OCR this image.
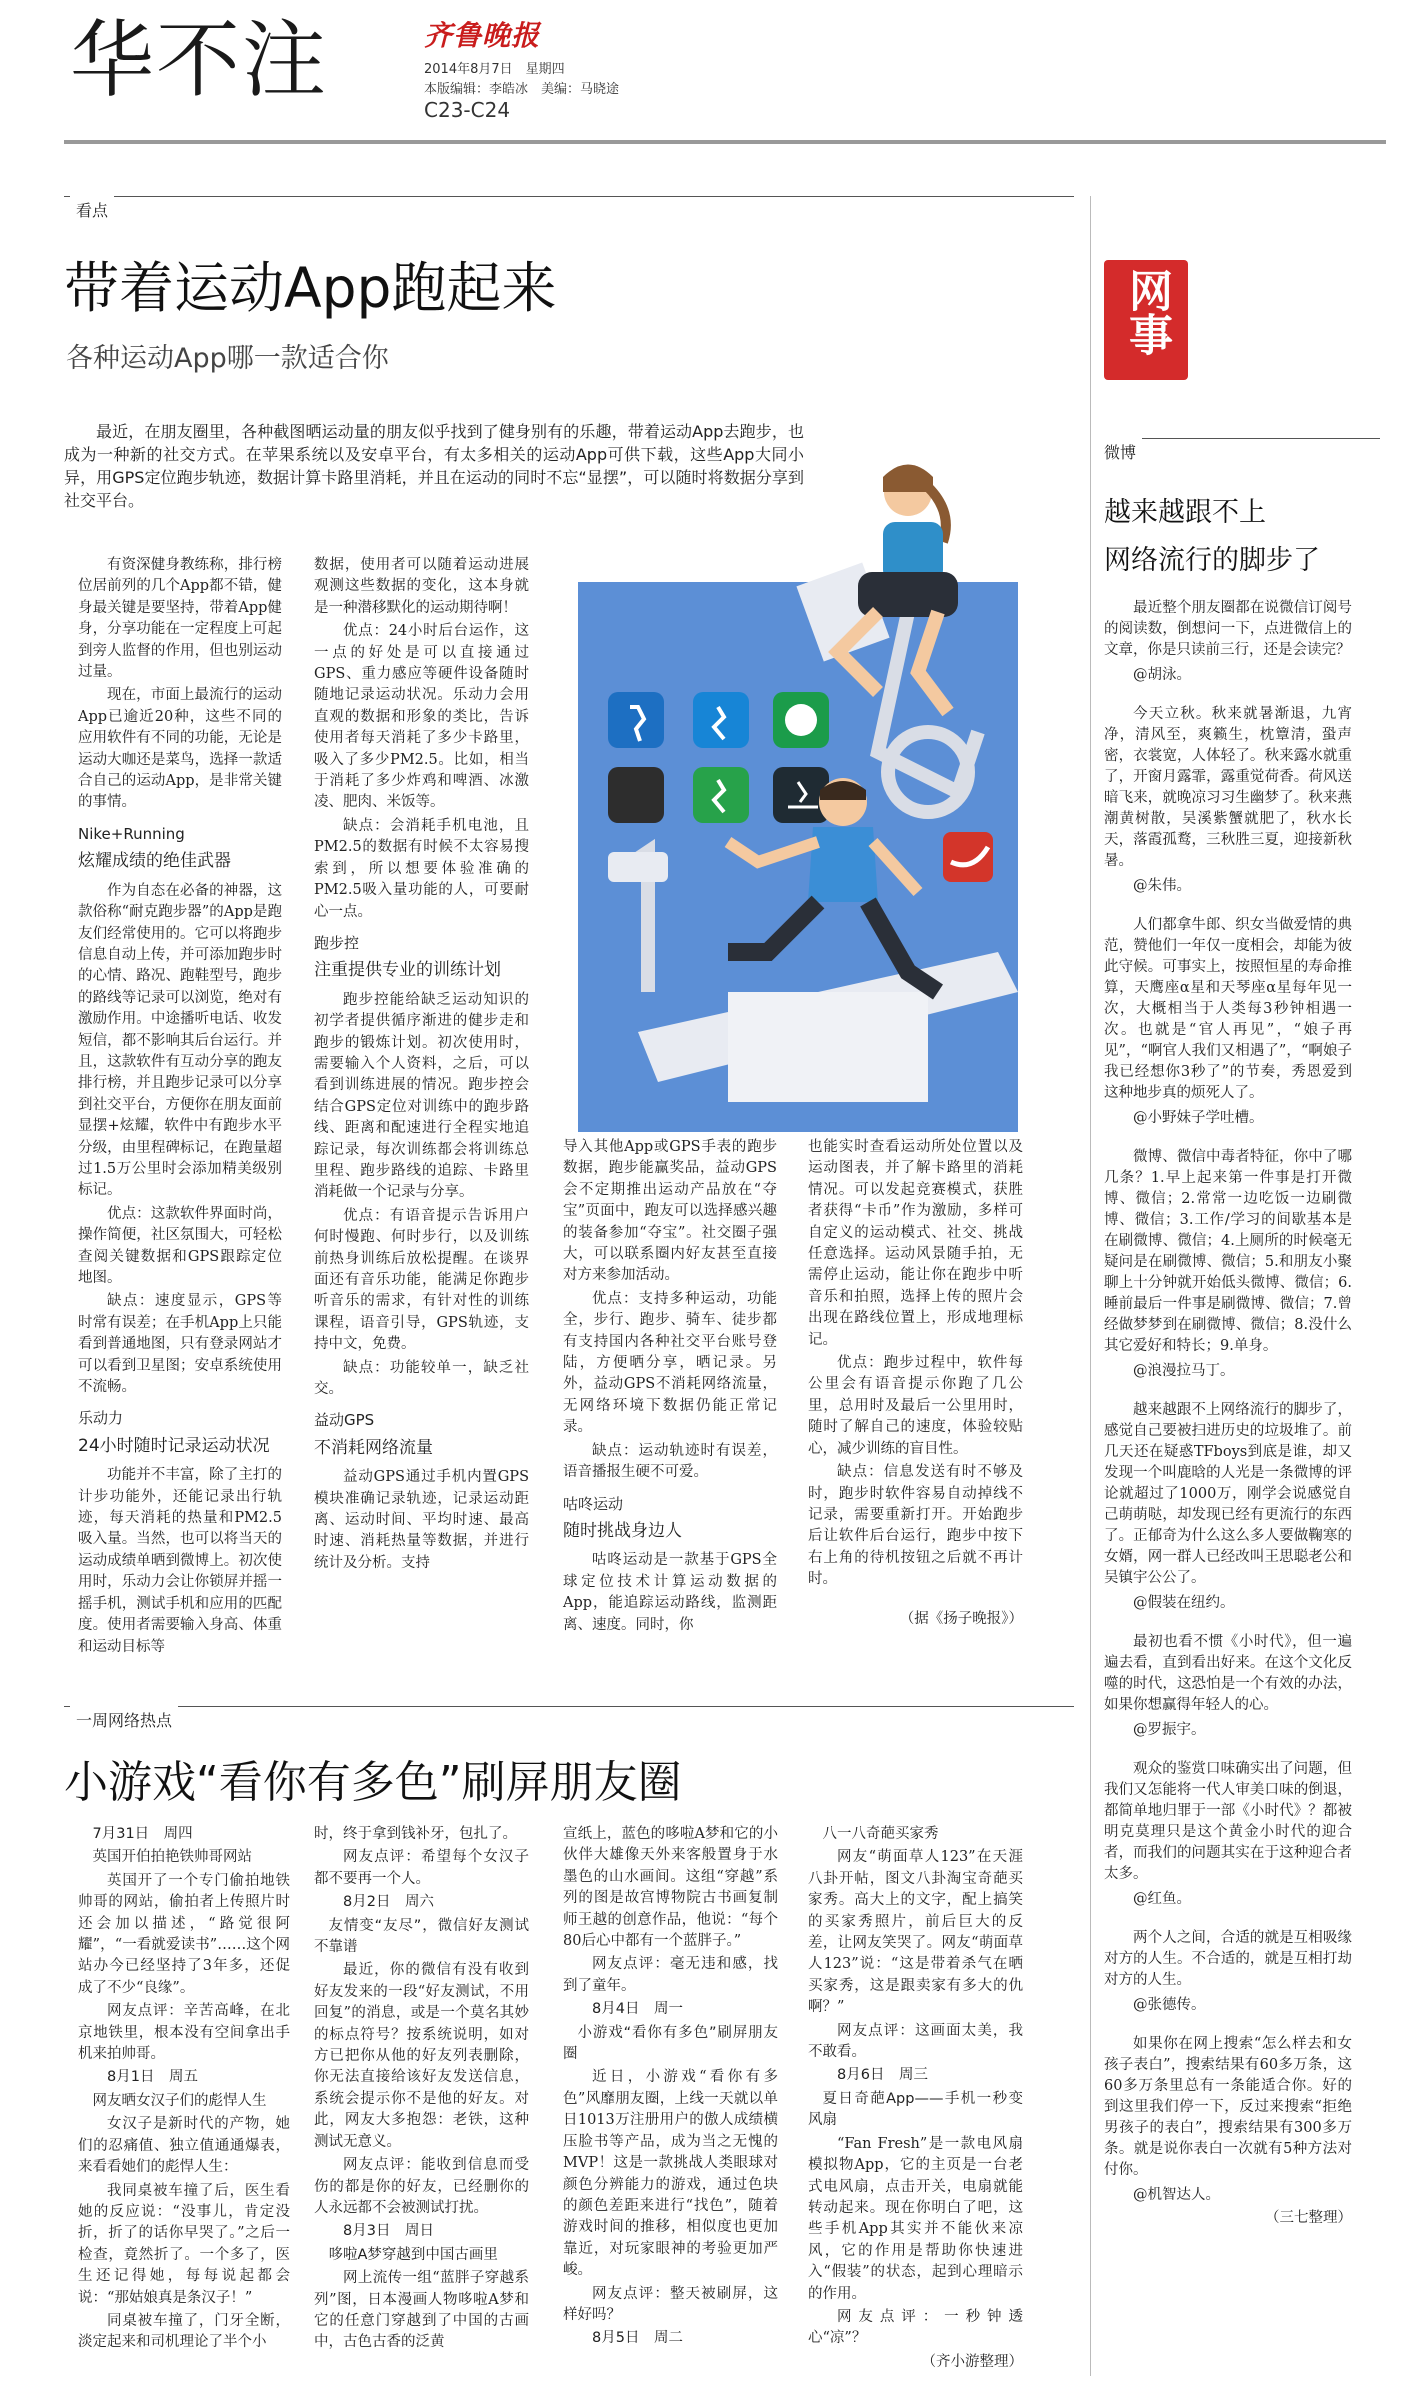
华不注	齐鲁晚报
2014年8月7日　星期四
本版编辑：李皓冰　美编：马晓途
C23-C24
看点
带着运动App跑起来
各种运动App哪一款适合你
最近，在朋友圈里，各种截图晒运动量的朋友似乎找到了健身别有的乐趣，带着运动App去跑步，也成为一种新的社交方式。在苹果系统以及安卓平台，有太多相关的运动App可供下载，这些App大同小异，用GPS定位跑步轨迹，数据计算卡路里消耗，并且在运动的同时不忘“显摆”，可以随时将数据分享到社交平台。

有资深健身教练称，排行榜位居前列的几个App都不错，健身最关键是要坚持，带着App健身，分享功能在一定程度上可起到旁人监督的作用，但也别运动过量。

现在，市面上最流行的运动App已逾近20种，这些不同的应用软件有不同的功能，无论是运动大咖还是菜鸟，选择一款适合自己的运动App，是非常关键的事情。

Nike+Running

炫耀成绩的绝佳武器

作为自态在必备的神器，这款俗称“耐克跑步器”的App是跑友们经常使用的。它可以将跑步信息自动上传，并可添加跑步时的心情、路况、跑鞋型号，跑步的路线等记录可以浏览，绝对有激励作用。中途播听电话、收发短信，都不影响其后台运行。并且，这款软件有互动分享的跑友排行榜，并且跑步记录可以分享到社交平台，方便你在朋友面前显摆+炫耀，软件中有跑步水平分级，由里程碑标记，在跑量超过1.5万公里时会添加精美级别标记。

优点：这款软件界面时尚，操作简便，社区氛围大，可轻松查阅关键数据和GPS跟踪定位地图。

缺点：速度显示，GPS等时常有误差；在手机App上只能看到普通地图，只有登录网站才可以看到卫星图；安卓系统使用不流畅。

乐动力

24小时随时记录运动状况

功能并不丰富，除了主打的计步功能外，还能记录出行轨迹，每天消耗的热量和PM2.5吸入量。当然，也可以将当天的运动成绩单晒到微博上。初次使用时，乐动力会让你锁屏并摇一摇手机，测试手机和应用的匹配度。使用者需要输入身高、体重和运动目标等

数据，使用者可以随着运动进展观测这些数据的变化，这本身就是一种潜移默化的运动期待啊！

优点：24小时后台运作，这一点的好处是可以直接通过GPS、重力感应等硬件设备随时随地记录运动状况。乐动力会用直观的数据和形象的类比，告诉使用者每天消耗了多少卡路里，吸入了多少PM2.5。比如，相当于消耗了多少炸鸡和啤酒、冰激凌、肥肉、米饭等。

缺点：会消耗手机电池，且PM2.5的数据有时候不太容易搜索到，所以想要体验准确的PM2.5吸入量功能的人，可要耐心一点。

跑步控

注重提供专业的训练计划

跑步控能给缺乏运动知识的初学者提供循序渐进的健步走和跑步的锻炼计划。初次使用时，需要输入个人资料，之后，可以看到训练进展的情况。跑步控会结合GPS定位对训练中的跑步路线、距离和配速进行全程实地追踪记录，每次训练都会将训练总里程、跑步路线的追踪、卡路里消耗做一个记录与分享。

优点：有语音提示告诉用户何时慢跑、何时步行，以及训练前热身训练后放松提醒。在谈界面还有音乐功能，能满足你跑步听音乐的需求，有针对性的训练课程，语音引导，GPS轨迹，支持中文，免费。

缺点：功能较单一，缺乏社交。

益动GPS

不消耗网络流量

益动GPS通过手机内置GPS模块准确记录轨迹，记录运动距离、运动时间、平均时速、最高时速、消耗热量等数据，并进行统计及分析。支持

导入其他App或GPS手表的跑步数据，跑步能赢奖品，益动GPS会不定期推出运动产品放在“夺宝”页面中，跑友可以选择感兴趣的装备参加“夺宝”。社交圈子强大，可以联系圈内好友甚至直接对方来参加活动。

优点：支持多种运动，功能全，步行、跑步、骑车、徒步都有支持国内各种社交平台账号登陆，方便晒分享，晒记录。另外，益动GPS不消耗网络流量，无网络环境下数据仍能正常记录。

缺点：运动轨迹时有误差，语音播报生硬不可爱。

咕咚运动

随时挑战身边人

咕咚运动是一款基于GPS全球定位技术计算运动数据的App，能追踪运动路线，监测距离、速度。同时，你

也能实时查看运动所处位置以及运动图表，并了解卡路里的消耗情况。可以发起竞赛模式，获胜者获得“卡币”作为激励，多样可自定义的运动模式、社交、挑战任意选择。运动风景随手拍，无需停止运动，能让你在跑步中听音乐和拍照，选择上传的照片会出现在路线位置上，形成地理标记。

优点：跑步过程中，软件每公里会有语音提示你跑了几公里，总用时及最后一公里用时，随时了解自己的速度，体验较贴心，减少训练的盲目性。

缺点：信息发送有时不够及时，跑步时软件容易自动掉线不记录，需要重新打开。开始跑步后让软件后台运行，跑步中按下右上角的待机按钮之后就不再计时。

（据《扬子晚报》）

网事
微博
越来越跟不上
网络流行的脚步了

最近整个朋友圈都在说微信订阅号的阅读数，倒想问一下，点进微信上的文章，你是只读前三行，还是会读完？

@胡泳。

今天立秋。秋来就暑渐退，九宵净，清风至，爽籁生，枕簟清，蛩声密，衣裳宽，人体轻了。秋来露水就重了，开窗月露霏，露重觉荷香。荷风送暗飞来，就晚凉习习生幽梦了。秋来燕潮黄树散，吴溪紫蟹就肥了，秋水长天，落霞孤鹜，三秋胜三夏，迎接新秋暑。

@朱伟。

人们都拿牛郎、织女当做爱情的典范，赞他们一年仅一度相会，却能为彼此守候。可事实上，按照恒星的寿命推算，天鹰座α星和天琴座α星每年见一次，大概相当于人类每3秒钟相遇一次。也就是“官人再见”，“娘子再见”，“啊官人我们又相遇了”，“啊娘子我已经想你3秒了”的节奏，秀恩爱到这种地步真的烦死人了。

@小野妹子学吐槽。

微博、微信中毒者特征，你中了哪几条？1.早上起来第一件事是打开微博、微信；2.常常一边吃饭一边刷微博、微信；3.工作/学习的间歇基本是在刷微博、微信；4.上厕所的时候毫无疑问是在刷微博、微信；5.和朋友小聚聊上十分钟就开始低头微博、微信；6.睡前最后一件事是刷微博、微信；7.曾经做梦梦到在刷微博、微信；8.没什么其它爱好和特长；9.单身。

@浪漫拉马丁。

越来越跟不上网络流行的脚步了，感觉自己要被扫进历史的垃圾堆了。前几天还在疑惑TFboys到底是谁，却又发现一个叫鹿晗的人光是一条微博的评论就超过了1000万，刚学会说感觉自己萌萌哒，却发现已经有更流行的东西了。正郁奇为什么这么多人要做鞠寒的女婿，网一群人已经改叫王思聪老公和吴镇宇公公了。

@假装在纽约。

最初也看不惯《小时代》，但一遍遍去看，直到看出好来。在这个文化反噬的时代，这恐怕是一个有效的办法，如果你想赢得年轻人的心。

@罗振宇。

观众的鉴赏口味确实出了问题，但我们又怎能将一代人审美口味的倒退，都简单地归罪于一部《小时代》？都被明克莫理只是这个黄金小时代的迎合者，而我们的问题其实在于这种迎合者太多。

@红鱼。

两个人之间，合适的就是互相吸缘对方的人生。不合适的，就是互相打劫对方的人生。

@张德传。

如果你在网上搜索“怎么样去和女孩子表白”，搜索结果有60多万条，这60多万条里总有一条能适合你。好的到这里我们停一下，反过来搜索“拒绝男孩子的表白”，搜索结果有300多万条。就是说你表白一次就有5种方法对付你。

@机智达人。

（三七整理）

一周网络热点
小游戏“看你有多色”刷屏朋友圈

7月31日　周四

英国开伯拍艳铁帅哥网站

英国开了一个专门偷拍地铁帅哥的网站，偷拍者上传照片时还会加以描述，“路觉很阿耀”，“一看就爱读书”……这个网站办今已经坚持了3年多，还促成了不少“良缘”。

网友点评：辛苦高峰，在北京地铁里，根本没有空间拿出手机来拍帅哥。

8月1日　周五

网友晒女汉子们的彪悍人生

女汉子是新时代的产物，她们的忍痛值、独立值通通爆表，来看看她们的彪悍人生：

我同桌被车撞了后，医生看她的反应说：“没事儿，肯定没折，折了的话你早哭了。”之后一检查，竟然折了。一个多了，医生还记得她，每每说起都会说：“那姑娘真是条汉子！”

同桌被车撞了，门牙全断，淡定起来和司机理论了半个小

时，终于拿到钱补牙，包扎了。

网友点评：希望每个女汉子都不要再一个人。

8月2日　周六

友情变“友尽”，微信好友测试不靠谱

最近，你的微信有没有收到好友发来的一段“好友测试，不用回复”的消息，或是一个莫名其妙的标点符号？按系统说明，如对方已把你从他的好友列表删除，你无法直接给该好友发送信息，系统会提示你不是他的好友。对此，网友大多抱怨：老铁，这种测试无意义。

网友点评：能收到信息而受伤的都是你的好友，已经删你的人永远都不会被测试打扰。

8月3日　周日

哆啦A梦穿越到中国古画里

网上流传一组“蓝胖子穿越系列”图，日本漫画人物哆啦A梦和它的任意门穿越到了中国的古画中，古色古香的泛黄

宣纸上，蓝色的哆啦A梦和它的小伙伴大雄像天外来客般置身于水墨色的山水画间。这组“穿越”系列的图是故宫博物院古书画复制师王越的创意作品，他说：“每个80后心中都有一个蓝胖子。”

网友点评：毫无违和感，找到了童年。

8月4日　周一

小游戏“看你有多色”刷屏朋友圈

近日，小游戏“看你有多色”风靡朋友圈，上线一天就以单日1013万注册用户的傲人成绩横压脸书等产品，成为当之无愧的MVP！这是一款挑战人类眼球对颜色分辨能力的游戏，通过色块的颜色差距来进行“找色”，随着游戏时间的推移，相似度也更加靠近，对玩家眼神的考验更加严峻。

网友点评：整天被刷屏，这样好吗？

8月5日　周二

八一八奇葩买家秀

网友“萌面草人123”在天涯八卦开帖，图文八卦淘宝奇葩买家秀。高大上的文字，配上搞笑的买家秀照片，前后巨大的反差，让网友笑哭了。网友“萌面草人123”说：“这是带着杀气在晒买家秀，这是跟卖家有多大的仇啊？”

网友点评：这画面太美，我不敢看。

8月6日　周三

夏日奇葩App——手机一秒变风扇

“Fan Fresh”是一款电风扇模拟物App，它的主页是一台老式电风扇，点击开关，电扇就能转动起来。现在你明白了吧，这些手机App其实并不能伙来凉风，它的作用是帮助你快速进入“假装”的状态，起到心理暗示的作用。

网友点评：一秒钟透心“凉”？

（齐小游整理）
